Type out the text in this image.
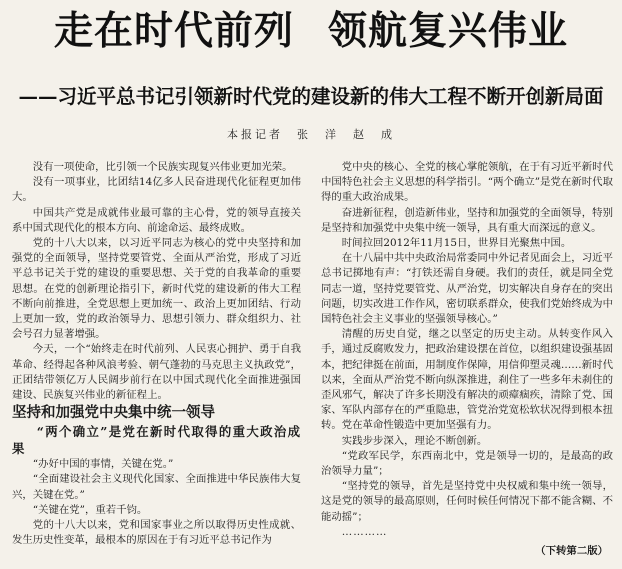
走在时代前列 领航复兴伟业
——习近平总书记引领新时代党的建设新的伟大工程不断开创新局面
本报记者　张　洋　赵　成

没有一项使命，比引领一个民族实现复兴伟业更加光荣。

没有一项事业，比团结14亿多人民奋进现代化征程更加伟大。

中国共产党是成就伟业最可靠的主心骨，党的领导直接关系中国式现代化的根本方向、前途命运、最终成败。

党的十八大以来，以习近平同志为核心的党中央坚持和加强党的全面领导，坚持党要管党、全面从严治党，形成了习近平总书记关于党的建设的重要思想、关于党的自我革命的重要思想。在党的创新理论指引下，新时代党的建设新的伟大工程不断向前推进，全党思想上更加统一、政治上更加团结、行动上更加一致，党的政治领导力、思想引领力、群众组织力、社会号召力显著增强。

今天，一个“始终走在时代前列、人民衷心拥护、勇于自我革命、经得起各种风浪考验、朝气蓬勃的马克思主义执政党”，正团结带领亿万人民阔步前行在以中国式现代化全面推进强国建设、民族复兴伟业的新征程上。

坚持和加强党中央集中统一领导

“两个确立”是党在新时代取得的重大政治成果

“办好中国的事情，关键在党。”

“全面建设社会主义现代化国家、全面推进中华民族伟大复兴，关键在党。”

“关键在党”，重若千钧。

党的十八大以来，党和国家事业之所以取得历史性成就、发生历史性变革，最根本的原因在于有习近平总书记作为

党中央的核心、全党的核心掌舵领航，在于有习近平新时代中国特色社会主义思想的科学指引。“两个确立”是党在新时代取得的重大政治成果。

奋进新征程，创造新伟业，坚持和加强党的全面领导，特别是坚持和加强党中央集中统一领导，具有重大而深远的意义。

时间拉回2012年11月15日，世界目光聚焦中国。

在十八届中共中央政治局常委同中外记者见面会上，习近平总书记掷地有声：“打铁还需自身硬。我们的责任，就是同全党同志一道，坚持党要管党、从严治党，切实解决自身存在的突出问题，切实改进工作作风，密切联系群众，使我们党始终成为中国特色社会主义事业的坚强领导核心。”

清醒的历史自觉，继之以坚定的历史主动。从转变作风入手，通过反腐败发力，把政治建设摆在首位，以组织建设强基固本，把纪律挺在前面，用制度作保障，用信仰塑灵魂……新时代以来，全面从严治党不断向纵深推进，刹住了一些多年未刹住的歪风邪气，解决了许多长期没有解决的顽瘴痼疾，清除了党、国家、军队内部存在的严重隐患，管党治党宽松软状况得到根本扭转。党在革命性锻造中更加坚强有力。

实践步步深入，理论不断创新。

“党政军民学，东西南北中，党是领导一切的，是最高的政治领导力量”；

“坚持党的领导，首先是坚持党中央权威和集中统一领导，这是党的领导的最高原则，任何时候任何情况下都不能含糊、不能动摇”；

…………

（下转第二版）
